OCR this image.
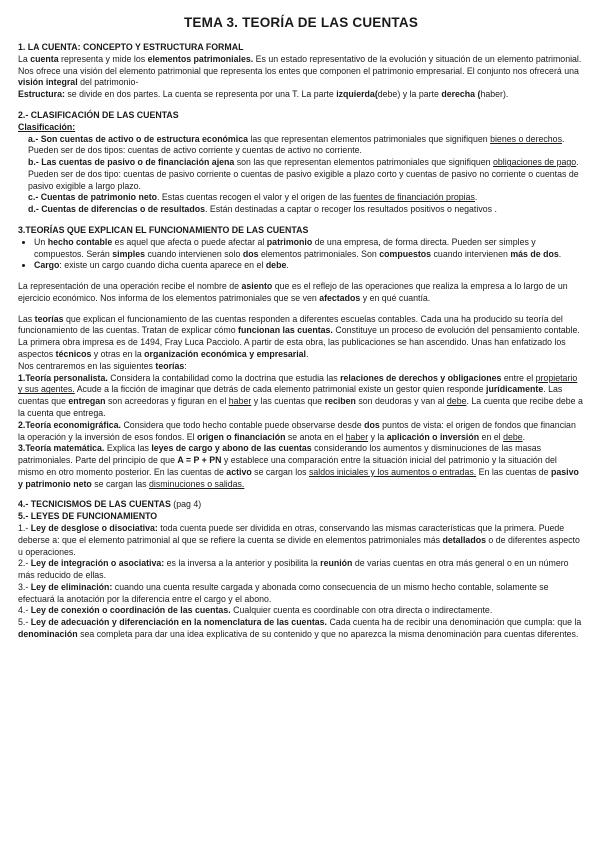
TEMA 3. TEORÍA DE LAS CUENTAS

1. LA CUENTA: CONCEPTO Y ESTRUCTURA FORMAL

La cuenta representa y mide los elementos patrimoniales. Es un estado representativo de la evolución y situación de un elemento patrimonial. Nos ofrece una visión del elemento patrimonial que representa los entes que componen el patrimonio empresarial. El conjunto nos ofrecerá una visión integral del patrimonio-

Estructura: se divide en dos partes. La cuenta se representa por una T. La parte izquierda(debe) y la parte derecha (haber).

2.- CLASIFICACIÓN DE LAS CUENTAS

Clasificación:

a.- Son cuentas de activo o de estructura económica las que representan elementos patrimoniales que signifiquen bienes o derechos. Pueden ser de dos tipos: cuentas de activo corriente y cuentas de activo no corriente.

b.- Las cuentas de pasivo o de financiación ajena son las que representan elementos patrimoniales que signifiquen obligaciones de pago. Pueden ser de dos tipo: cuentas de pasivo corriente o cuentas de pasivo exigible a plazo corto y cuentas de pasivo no corriente o cuentas de pasivo exigible a largo plazo.

c.- Cuentas de patrimonio neto. Estas cuentas recogen el valor y el origen de las fuentes de financiación propias.

d.- Cuentas de diferencias o de resultados. Están destinadas a captar o recoger los resultados positivos o negativos .

3.TEORÍAS QUE EXPLICAN EL FUNCIONAMIENTO DE LAS CUENTAS

• Un hecho contable es aquel que afecta o puede afectar al patrimonio de una empresa, de forma directa. Pueden ser simples y compuestos. Serán simples cuando intervienen solo dos elementos patrimoniales. Son compuestos cuando intervienen más de dos.
• Cargo: existe un cargo cuando dicha cuenta aparece en el debe.

La representación de una operación recibe el nombre de asiento que es el reflejo de las operaciones que realiza la empresa a lo largo de un ejercicio económico. Nos informa de los elementos patrimoniales que se ven afectados y en qué cuantía.

Las teorías que explican el funcionamiento de las cuentas responden a diferentes escuelas contables. Cada una ha producido su teoría del funcionamiento de las cuentas. Tratan de explicar cómo funcionan las cuentas. Constituye un proceso de evolución del pensamiento contable.

La primera obra impresa es de 1494, Fray Luca Pacciolo. A partir de esta obra, las publicaciones se han ascendido. Unas han enfatizado los aspectos técnicos y otras en la organización económica y empresarial.

Nos centraremos en las siguientes teorías:

1.Teoría personalista. Considera la contabilidad como la doctrina que estudia las relaciones de derechos y obligaciones entre el propietario y sus agentes. Acude a la ficción de imaginar que detrás de cada elemento patrimonial existe un gestor quien responde jurídicamente. Las cuentas que entregan son acreedoras y figuran en el haber y las cuentas que reciben son deudoras y van al debe. La cuenta que recibe debe a la cuenta que entrega.

2.Teoría economigráfica. Considera que todo hecho contable puede observarse desde dos puntos de vista: el origen de fondos que financian la operación y la inversión de esos fondos. El origen o financiación se anota en el haber y la aplicación o inversión en el debe.

3.Teoría matemática. Explica las leyes de cargo y abono de las cuentas considerando los aumentos y disminuciones de las masas patrimoniales. Parte del principio de que A = P + PN y establece una comparación entre la situación inicial del patrimonio y la situación del mismo en otro momento posterior. En las cuentas de activo se cargan los saldos iniciales y los aumentos o entradas. En las cuentas de pasivo y patrimonio neto se cargan las disminuciones o salidas.

4.- TECNICISMOS DE LAS CUENTAS (pag 4)

5.- LEYES DE FUNCIONAMIENTO

1.- Ley de desglose o disociativa: toda cuenta puede ser dividida en otras, conservando las mismas características que la primera. Puede deberse a: que el elemento patrimonial al que se refiere la cuenta se divide en elementos patrimoniales más detallados o de diferentes aspecto u operaciones.

2.- Ley de integración o asociativa: es la inversa a la anterior y posibilita la reunión de varias cuentas en otra más general o en un número más reducido de ellas.

3.- Ley de eliminación: cuando una cuenta resulte cargada y abonada como consecuencia de un mismo hecho contable, solamente se efectuará la anotación por la diferencia entre el cargo y el abono.

4.- Ley de conexión o coordinación de las cuentas. Cualquier cuenta es coordinable con otra directa o indirectamente.

5.- Ley de adecuación y diferenciación en la nomenclatura de las cuentas. Cada cuenta ha de recibir una denominación que cumpla: que la denominación sea completa para dar una idea explicativa de su contenido y que no aparezca la misma denominación para cuentas diferentes.
